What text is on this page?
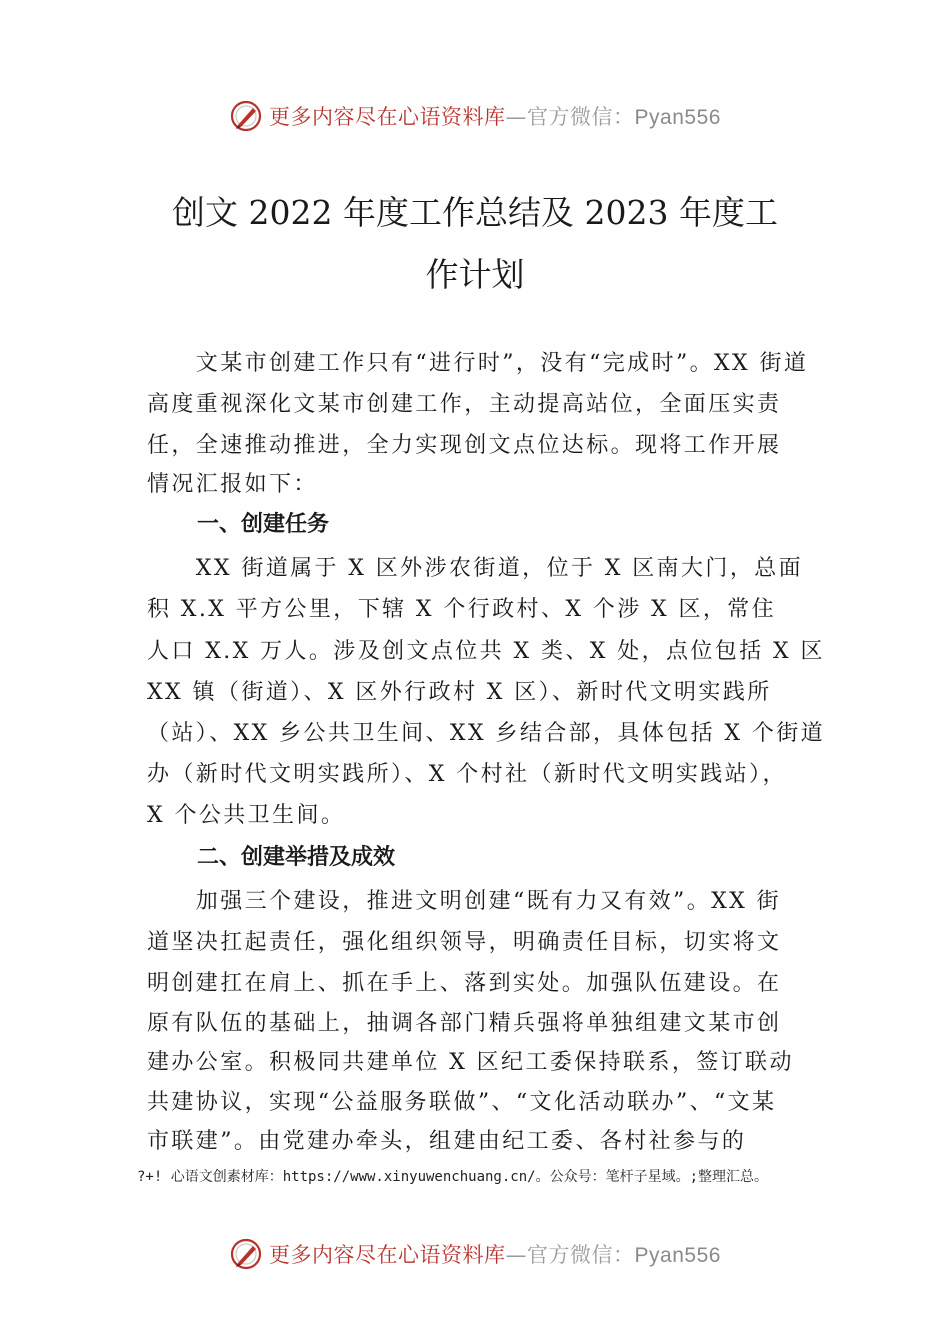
更多内容尽在心语资料库—官方微信：Pyan556
创文 2022 年度工作总结及 2023 年度工
作计划
　　文某市创建工作只有“进行时”，没有“完成时”。XX 街道
高度重视深化文某市创建工作，主动提高站位，全面压实责
任，全速推动推进，全力实现创文点位达标。现将工作开展
情况汇报如下：
一、创建任务
　　XX 街道属于 X 区外涉农街道，位于 X 区南大门，总面
积 X.X 平方公里，下辖 X 个行政村、X 个涉 X 区，常住
人口 X.X 万人。涉及创文点位共 X 类、X 处，点位包括 X 区
XX 镇（街道）、X 区外行政村 X 区）、新时代文明实践所
（站）、XX 乡公共卫生间、XX 乡结合部，具体包括 X 个街道
办（新时代文明实践所）、X 个村社（新时代文明实践站），
X 个公共卫生间。
二、创建举措及成效
　　加强三个建设，推进文明创建“既有力又有效”。XX 街
道坚决扛起责任，强化组织领导，明确责任目标，切实将文
明创建扛在肩上、抓在手上、落到实处。加强队伍建设。在
原有队伍的基础上，抽调各部门精兵强将单独组建文某市创
建办公室。积极同共建单位 X 区纪工委保持联系，签订联动
共建协议，实现“公益服务联做”、“文化活动联办”、“文某
市联建”。由党建办牵头，组建由纪工委、各村社参与的
?+! 心语文创素材库：https://www.xinyuwenchuang.cn/。公众号：笔杆子星域。;整理汇总。
更多内容尽在心语资料库—官方微信：Pyan556
